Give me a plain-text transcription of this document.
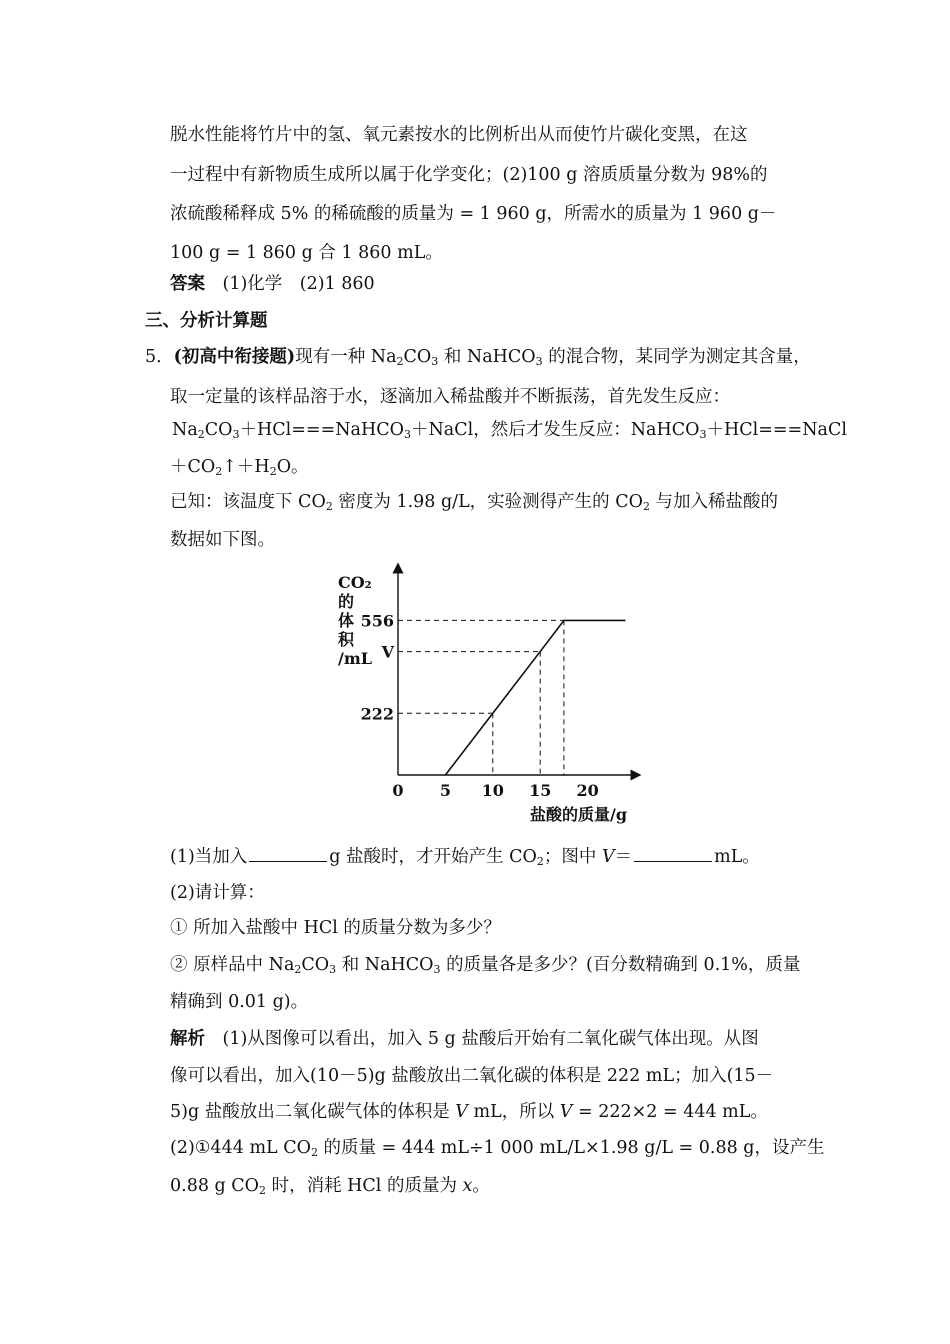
脱水性能将竹片中的氢、氧元素按水的比例析出从而使竹片碳化变黑，在这
一过程中有新物质生成所以属于化学变化；(2)100 g 溶质质量分数为 98%的
浓硫酸稀释成 5% 的稀硫酸的质量为 = 1 960 g，所需水的质量为 1 960 g－
100 g = 1 860 g 合 1 860 mL。
答案　 (1)化学　(2)1 860
三、分析计算题
5．(初高中衔接题)现有一种 $Na_2CO_3$ 和 NaHCO$_3$ 的混合物，某同学为测定其含量，
取一定量的该样品溶于水，逐滴加入稀盐酸并不断振荡，首先发生反应：
$Na_2CO_3+HCl===NaHCO_3+NaCl$，然后才发生反应：NaHCO$_3$＋HCl===NaCl
$+CO_2↑+H_2O$。
已知：该温度下 $CO_2$ 密度为 1.98 g/L，实验测得产生的 $CO_2$ 与加入稀盐酸的
数据如下图。
0 5 10 15 20
222
V
556
CO₂ 的体积/mL
盐酸的质量/g
(1)当加入	g 盐酸时，才开始产生 $CO_2$；图中 V＝	mL。
(2)请计算：
① 所加入盐酸中 HCl 的质量分数为多少？
② 原样品中 $Na_2CO_3$ 和 NaHCO$_3$ 的质量各是多少？(百分数精确到 0.1%，质量
精确到 0.01 g)。
解析　(1)从图像可以看出，加入 5 g 盐酸后开始有二氧化碳气体出现。从图
像可以看出，加入(10－5)g 盐酸放出二氧化碳的体积是 222 mL；加入(15－
5)g 盐酸放出二氧化碳气体的体积是 V mL，所以 V = 222×2 = 444 mL。
(2)①444 mL $CO_2$ 的质量 = 444 mL÷1 000 mL/L×1.98 g/L = 0.88 g，设产生
0.88 g $CO_2$ 时，消耗 HCl 的质量为 x。
